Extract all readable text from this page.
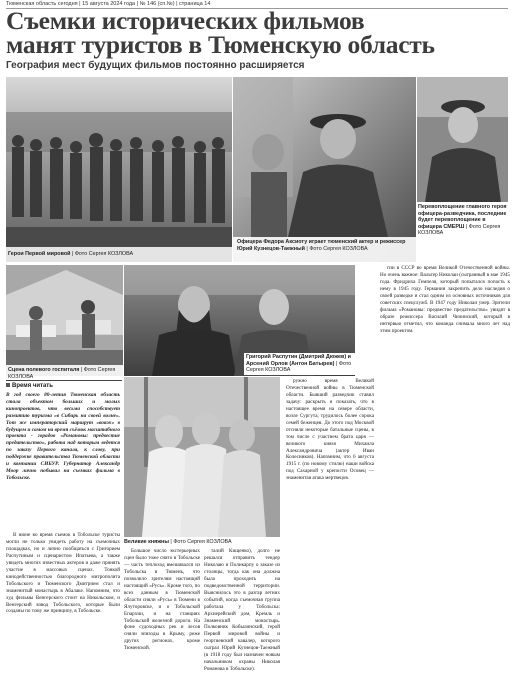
Тюменская область сегодня | 15 августа 2024 года | № 146 (сп.№) | страница 14
Съемки исторических фильмов
манят туристов в Тюменскую область
География мест будущих фильмов постоянно расширяется
Герои Первой мировой | Фото Сергея КОЗЛОВА
Офицера Федора Аксиоту играет тюменский актер и режиссер Юрий Кузнецов-Таежный | Фото Сергея КОЗЛОВА
Перевоплощение главного героя офицера-разведчика, последние будет перевоплощение в офицера СМЕРШ | Фото Сергея КОЗЛОВА
Сцена полевого госпиталя | Фото Сергея КОЗЛОВА
Григорий Распутин (Дмитрий Дюжев) и Арсений Орлов (Антон Батырев) | Фото Сергея КОЗЛОВА
Великие княжны | Фото Сергея КОЗЛОВА
Время читать
В год своего 80-летия Тюменская область стала объектом больших и малых кинопроектов, что весьма способствует развитию туризма «в Сибирь на своей волне». Тот же императорский маршрут «вояж» в будущем и самом на время съёмок масштабного проекта - горадов «Романовы: предвестие предательство», работа над которым ведется по заказу Первого канала, к слову, при поддержке правительства Тюменской области и компании СИБУР. Губернатор Александр Моор лично побывал на съемках фильма в Тобольске.

В июне во время съемок в Тобольске туристы могли не только увидеть работу на съемочных площадках, но и лично пообщаться с Григорием Распутиным и сценаристом Ипатьева, а также увидеть многих известных актеров и даже принять участие в массовых сценах. Тонкой кинодейственностью благородного митрополита Тобольского и Тюменского Дмитрием стал и знаменитый монастырь в Абалаке. Напомним, что худ фильмы Венгерского стоит на Никольском, и Венгерский взвод Тобольского, которые были созданы по тому же принципу, в Тобольске.

Большое число экстерьерных сцен было тоже снято в Тобольске — часть теплоход вмешивался из Тобольска в Тюмень, что позволило зрителям настоящий настоящий «Русь». Кроме того, по всех данным в Тюменской области сняли «Русь» в Тюмени в Ялуторовске, и о Тобольской Епархии, и на станциях Тобольской железной дороги. На фоне судоходных рек и лесов сняли эпизоды в Крыму, реже других регионах, кроме Тюменской.

талий Кищенко), долго не решался отправить тендер Николаю и Поликарпу о заказе из столицы, тогда как она должна была проходить на подведомственной территории. Выяснилось это в разгар летних событий, когда съемочная группа работала у Тобольска: Архиерейский дом, Кремль и Знаменский монастырь. Полковник Кобылинский, герой Первой мировой войны и георгиевский кавалер, которого сыграл Юрий Кузнецов-Таежный (в 1918 году был назначен новым начальником охраны Николая Романова в Тобольске).

ружно время Великой Отечественной войны в Тюменской области. Бывший разведчик ставил задачу: раскрыть и показать, что в настоящее время на севере области, возле Сургута, трудилось более сорока семей беженцев. До этого под Москвой отсняли некоторые батальные сцены, в том числе с участием брата царя — великого князя Михаила Александровича (актер Иван Колесников). Напомним, что 6 августа 1915 г. (по новому стилю) наши войска под Сахарной у крепости Осовец — знаменитая атака мертвецов.

гии в СССР во время Великой Отечественной войны. Но очень важное: Вальтер Николаи (сыгранный в мае 1945 года. Фридриха Гемпеля, который попытался попасть к нему в 1945 году. Германии закрепить дело наследия о своей разведке и стал одним из основных источников для советских спецслужб. В 1947 году Николаи умер. Зрители фильма «Романовы: предвестие предательство» увидят в образе режиссера Василий Чичинский, который в интервью отметил, что команда снимала много лет над этим проектом.
